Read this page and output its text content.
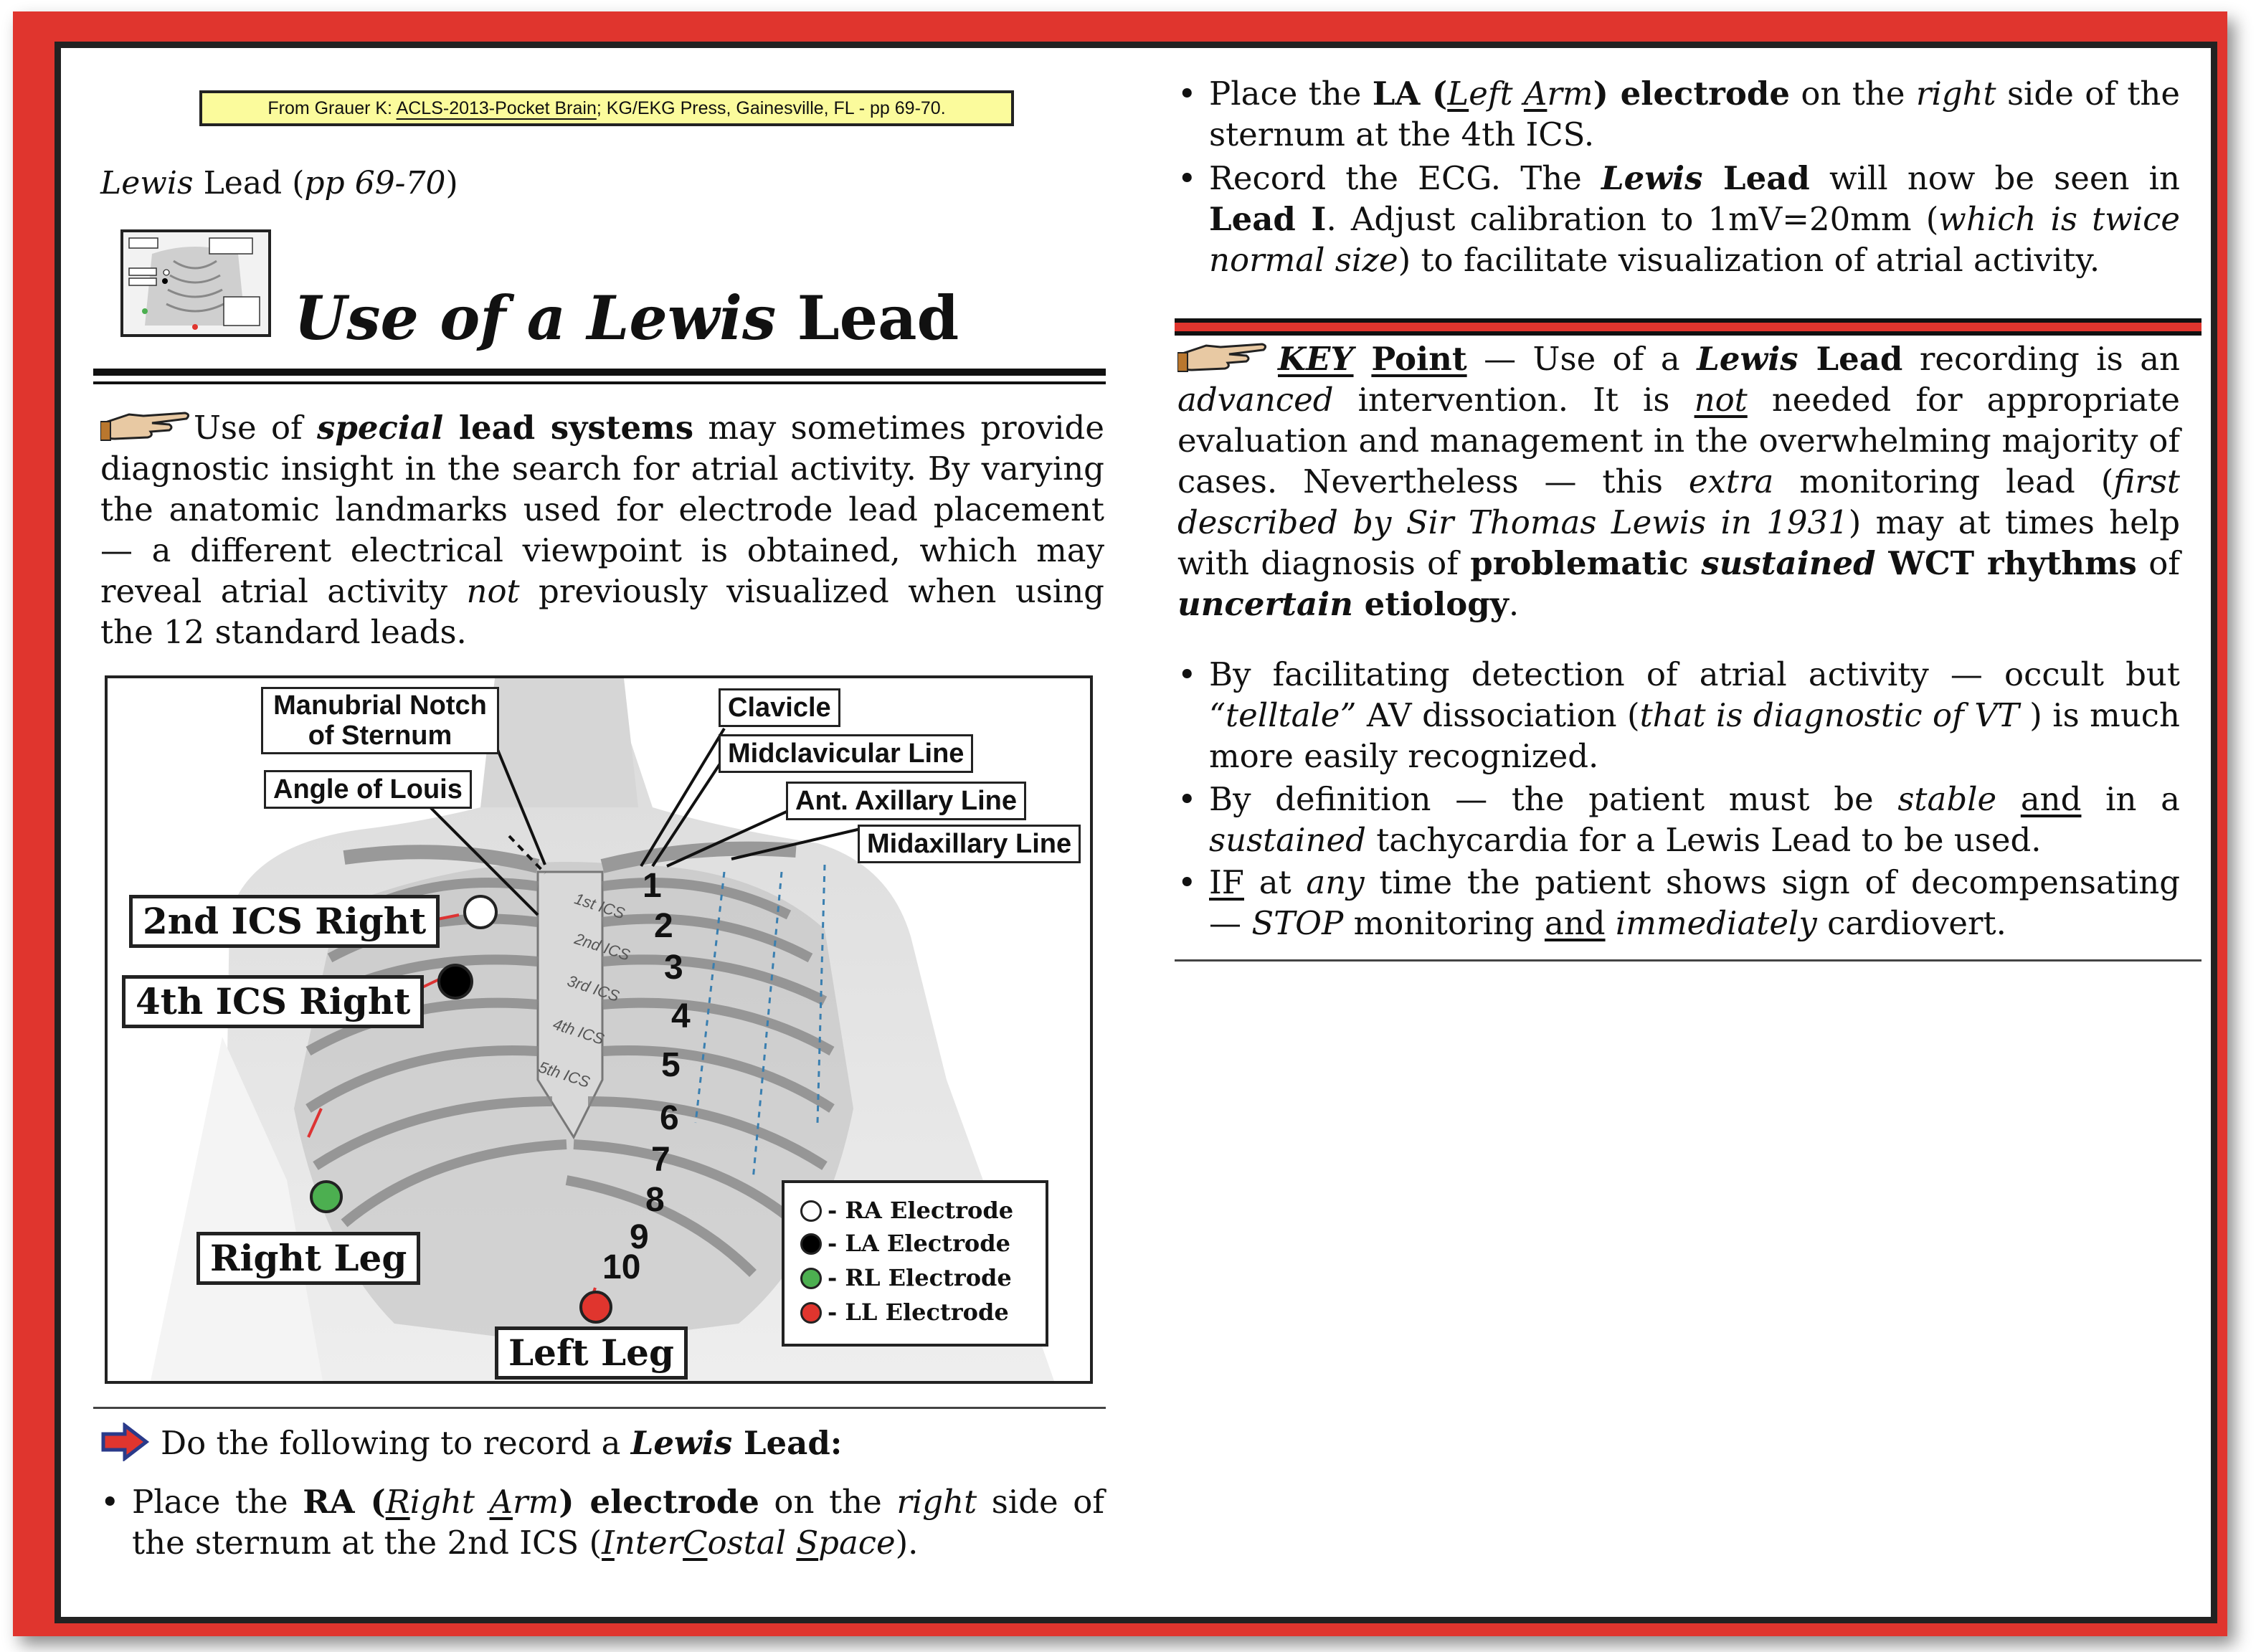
From Grauer K: ACLS-2013-Pocket Brain; KG/EKG Press, Gainesville, FL - pp 69-70.
Lewis Lead (pp 69-70)
Use of a Lewis Lead
Use of special lead systems may sometimes provide diagnostic insight in the search for atrial activity. By varying the anatomic landmarks used for electrode lead placement — a different electrical viewpoint is obtained, which may reveal atrial activity not previously visualized when using the 12 standard leads.
1st ICS
2nd ICS
3rd ICS
4th ICS
5th ICS
1
2
3
4
5
6
7
8
9
10
Manubrial Notch
of Sternum
Angle of Louis
Clavicle
Midclavicular Line
Ant. Axillary Line
Midaxillary Line
2nd ICS Right
4th ICS Right
Right Leg
Left Leg
- RA Electrode
- LA Electrode
- RL Electrode
- LL Electrode
Do the following to record a Lewis Lead:
• Place the RA (Right Arm) electrode on the right side of the sternum at the 2nd ICS (InterCostal Space).
• Place the LA (Left Arm) electrode on the right side of the sternum at the 4th ICS.
• Record the ECG. The Lewis Lead will now be seen in Lead I. Adjust calibration to 1mV=20mm (which is twice normal size) to facilitate visualization of atrial activity.
KEY Point — Use of a Lewis Lead recording is an advanced intervention. It is not needed for appropriate evaluation and management in the overwhelming majority of cases. Nevertheless — this extra monitoring lead (first described by Sir Thomas Lewis in 1931) may at times help with diagnosis of problematic sustained WCT rhythms of uncertain etiology.
• By facilitating detection of atrial activity — occult but “telltale” AV dissociation (that is diagnostic of VT ) is much more easily recognized.
• By definition — the patient must be stable and in a sustained tachycardia for a Lewis Lead to be used.
• IF at any time the patient shows sign of decompensating — STOP monitoring and immediately cardiovert.
